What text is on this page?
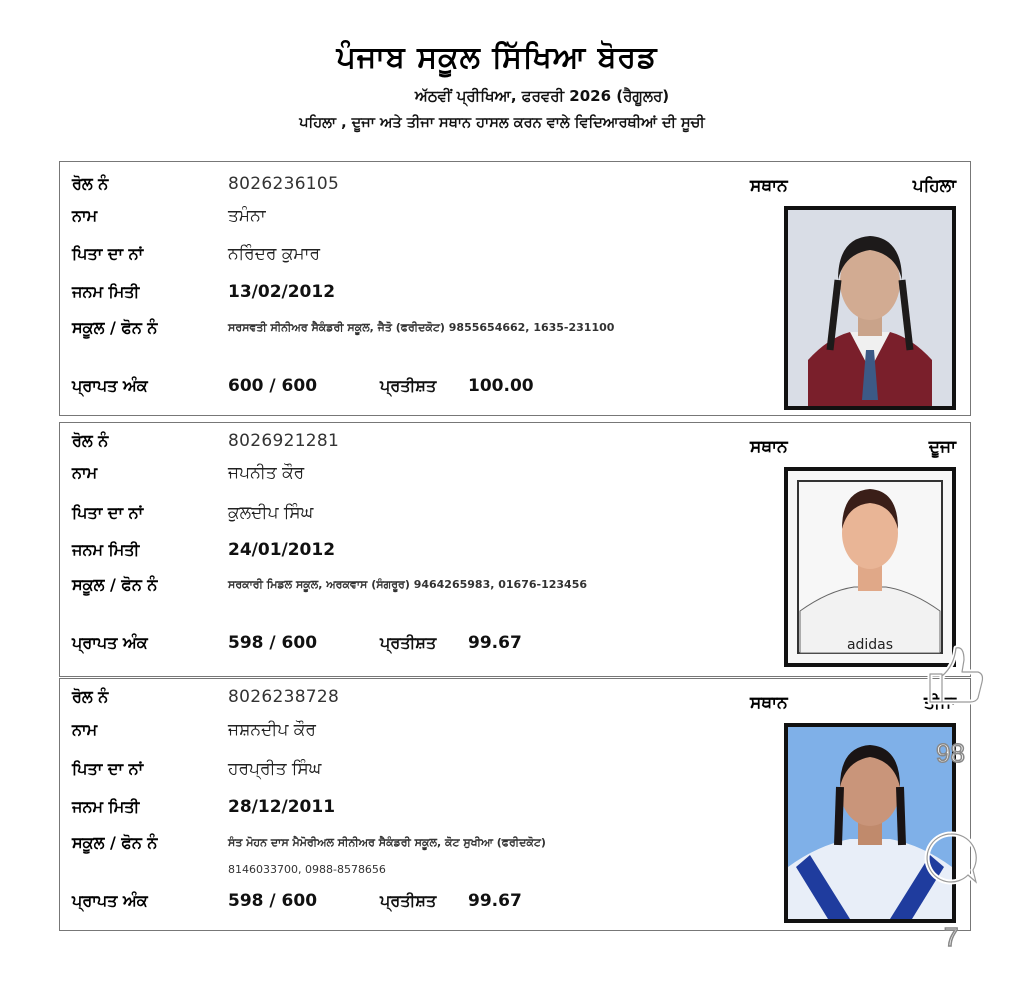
ਪੰਜਾਬ ਸਕੂਲ ਸਿੱਖਿਆ ਬੋਰਡ
ਅੱਠਵੀਂ ਪ੍ਰੀਖਿਆ, ਫਰਵਰੀ 2026 (ਰੈਗੂਲਰ)
ਪਹਿਲਾ , ਦੂਜਾ ਅਤੇ ਤੀਜਾ ਸਥਾਨ ਹਾਸਲ ਕਰਨ ਵਾਲੇ ਵਿਦਿਆਰਥੀਆਂ ਦੀ ਸੂਚੀ
ਰੋਲ ਨੰ	8026236105
ਨਾਮ	ਤਮੰਨਾ
ਪਿਤਾ ਦਾ ਨਾਂ	ਨਰਿੰਦਰ ਕੁਮਾਰ
ਜਨਮ ਮਿਤੀ	13/02/2012
ਸਕੂਲ / ਫੋਨ ਨੰ	ਸਰਸਵਤੀ ਸੀਨੀਅਰ ਸੈਕੰਡਰੀ ਸਕੂਲ, ਜੈਤੋ (ਫਰੀਦਕੋਟ) 9855654662, 1635-231100
ਪ੍ਰਾਪਤ ਅੰਕ	600 / 600	ਪ੍ਰਤੀਸ਼ਤ 100.00
ਸਥਾਨ	ਪਹਿਲਾ
ਰੋਲ ਨੰ	8026921281
ਨਾਮ	ਜਪਨੀਤ ਕੌਰ
ਪਿਤਾ ਦਾ ਨਾਂ	ਕੁਲਦੀਪ ਸਿੰਘ
ਜਨਮ ਮਿਤੀ	24/01/2012
ਸਕੂਲ / ਫੋਨ ਨੰ	ਸਰਕਾਰੀ ਮਿਡਲ ਸਕੂਲ, ਅਰਕਵਾਸ (ਸੰਗਰੂਰ) 9464265983, 01676-123456
ਪ੍ਰਾਪਤ ਅੰਕ	598 / 600	ਪ੍ਰਤੀਸ਼ਤ 99.67
ਸਥਾਨ	ਦੂਜਾ
adidas
ਰੋਲ ਨੰ	8026238728
ਨਾਮ	ਜਸ਼ਨਦੀਪ ਕੌਰ
ਪਿਤਾ ਦਾ ਨਾਂ	ਹਰਪ੍ਰੀਤ ਸਿੰਘ
ਜਨਮ ਮਿਤੀ	28/12/2011
ਸਕੂਲ / ਫੋਨ ਨੰ	ਸੰਤ ਮੋਹਨ ਦਾਸ ਮੈਮੋਰੀਅਲ ਸੀਨੀਅਰ ਸੈਕੰਡਰੀ ਸਕੂਲ, ਕੋਟ ਸੁਖੀਆ (ਫਰੀਦਕੋਟ)
8146033700, 0988-8578656
ਪ੍ਰਾਪਤ ਅੰਕ	598 / 600	ਪ੍ਰਤੀਸ਼ਤ 99.67
ਸਥਾਨ	ਤੀਜਾ
98
7
